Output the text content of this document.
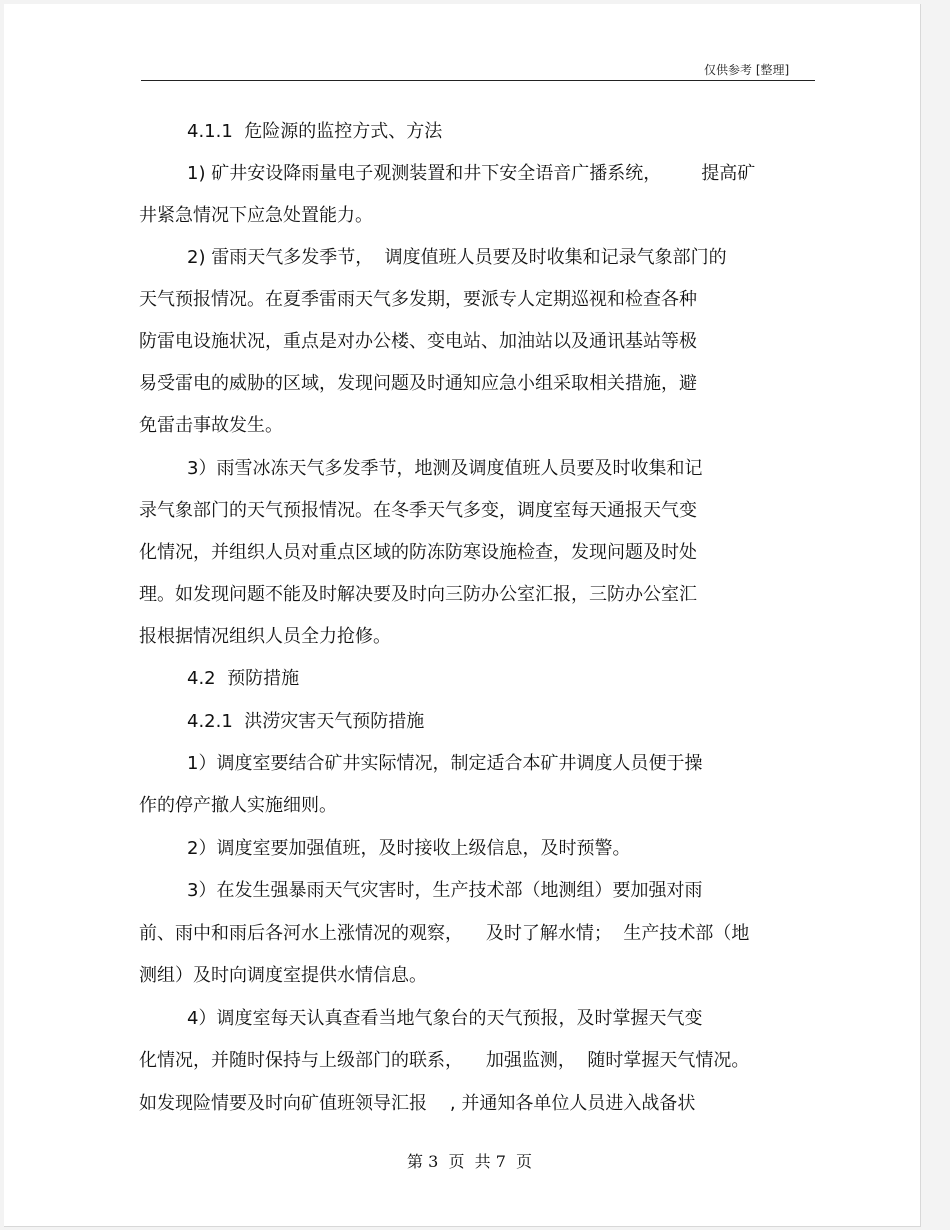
仅供参考 [整理]
4.1.1  危险源的监控方式、方法
1) 矿井安设降雨量电子观测装置和井下安全语音广播系统，       提高矿
井紧急情况下应急处置能力。
2) 雷雨天气多发季节，  调度值班人员要及时收集和记录气象部门的
天气预报情况。在夏季雷雨天气多发期，要派专人定期巡视和检查各种
防雷电设施状况，重点是对办公楼、变电站、加油站以及通讯基站等极
易受雷电的威胁的区域，发现问题及时通知应急小组采取相关措施，避
免雷击事故发生。
3）雨雪冰冻天气多发季节，地测及调度值班人员要及时收集和记
录气象部门的天气预报情况。在冬季天气多变，调度室每天通报天气变
化情况，并组织人员对重点区域的防冻防寒设施检查，发现问题及时处
理。如发现问题不能及时解决要及时向三防办公室汇报，三防办公室汇
报根据情况组织人员全力抢修。
4.2  预防措施
4.2.1  洪涝灾害天气预防措施
1）调度室要结合矿井实际情况，制定适合本矿井调度人员便于操
作的停产撤人实施细则。
2）调度室要加强值班，及时接收上级信息，及时预警。
3）在发生强暴雨天气灾害时，生产技术部（地测组）要加强对雨
前、雨中和雨后各河水上涨情况的观察，    及时了解水情；  生产技术部（地
测组）及时向调度室提供水情信息。
4）调度室每天认真查看当地气象台的天气预报，及时掌握天气变
化情况，并随时保持与上级部门的联系，    加强监测，  随时掌握天气情况。
如发现险情要及时向矿值班领导汇报    , 并通知各单位人员进入战备状
第 3  页  共 7  页
